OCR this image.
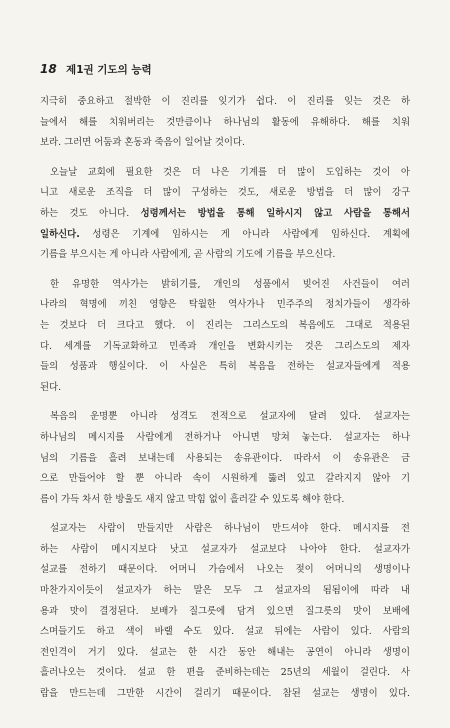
18 제1권 기도의 능력
지극히 중요하고 절박한 이 진리를 잊기가 쉽다. 이 진리를 잊는 것은 하
늘에서 해를 치워버리는 것만큼이나 하나님의 활동에 유해하다. 해를 치워
보라. 그러면 어둠과 혼동과 죽음이 일어날 것이다.
오늘날 교회에 필요한 것은 더 나은 기계를 더 많이 도입하는 것이 아
니고 새로운 조직을 더 많이 구성하는 것도, 새로운 방법을 더 많이 강구
하는 것도 아니다. 성령께서는 방법을 통해 일하시지 않고 사람을 통해서
일하신다. 성령은 기계에 임하시는 게 아니라 사람에게 임하신다. 계획에
기름을 부으시는 게 아니라 사람에게, 곧 사람의 기도에 기름을 부으신다.
한 유명한 역사가는 밝히기를, 개인의 성품에서 빚어진 사건들이 여러
나라의 혁명에 끼친 영향은 탁월한 역사가나 민주주의 정치가들이 생각하
는 것보다 더 크다고 했다. 이 진리는 그리스도의 복음에도 그대로 적용된
다. 세계를 기독교화하고 민족과 개인을 변화시키는 것은 그리스도의 제자
들의 성품과 행실이다. 이 사실은 특히 복음을 전하는 설교자들에게 적용
된다.
복음의 운명뿐 아니라 성격도 전적으로 설교자에 달려 있다. 설교자는
하나님의 메시지를 사람에게 전하거나 아니면 망쳐 놓는다. 설교자는 하나
님의 기름을 흘려 보내는데 사용되는 송유관이다. 따라서 이 송유관은 금
으로 만들어야 할 뿐 아니라 속이 시원하게 뚫려 있고 갈라지지 않아 기
름이 가득 차서 한 방울도 새지 않고 막힘 없이 흘러갈 수 있도록 해야 한다.
설교자는 사람이 만들지만 사람은 하나님이 만드셔야 한다. 메시지를 전
하는 사람이 메시지보다 낫고 설교자가 설교보다 나아야 한다. 설교자가
설교를 전하기 때문이다. 어머니 가슴에서 나오는 젖이 어머니의 생명이나
마찬가지이듯이 설교자가 하는 말은 모두 그 설교자의 됨됨이에 따라 내
용과 맛이 결정된다. 보배가 질그릇에 담겨 있으면 질그릇의 맛이 보배에
스며들기도 하고 색이 바랠 수도 있다. 설교 뒤에는 사람이 있다. 사람의
전인격이 거기 있다. 설교는 한 시간 동안 해내는 공연이 아니라 생명이
흘러나오는 것이다. 설교 한 편을 준비하는데는 25년의 세월이 걸린다. 사
람을 만드는데 그만한 시간이 걸리기 때문이다. 참된 설교는 생명이 있다.
